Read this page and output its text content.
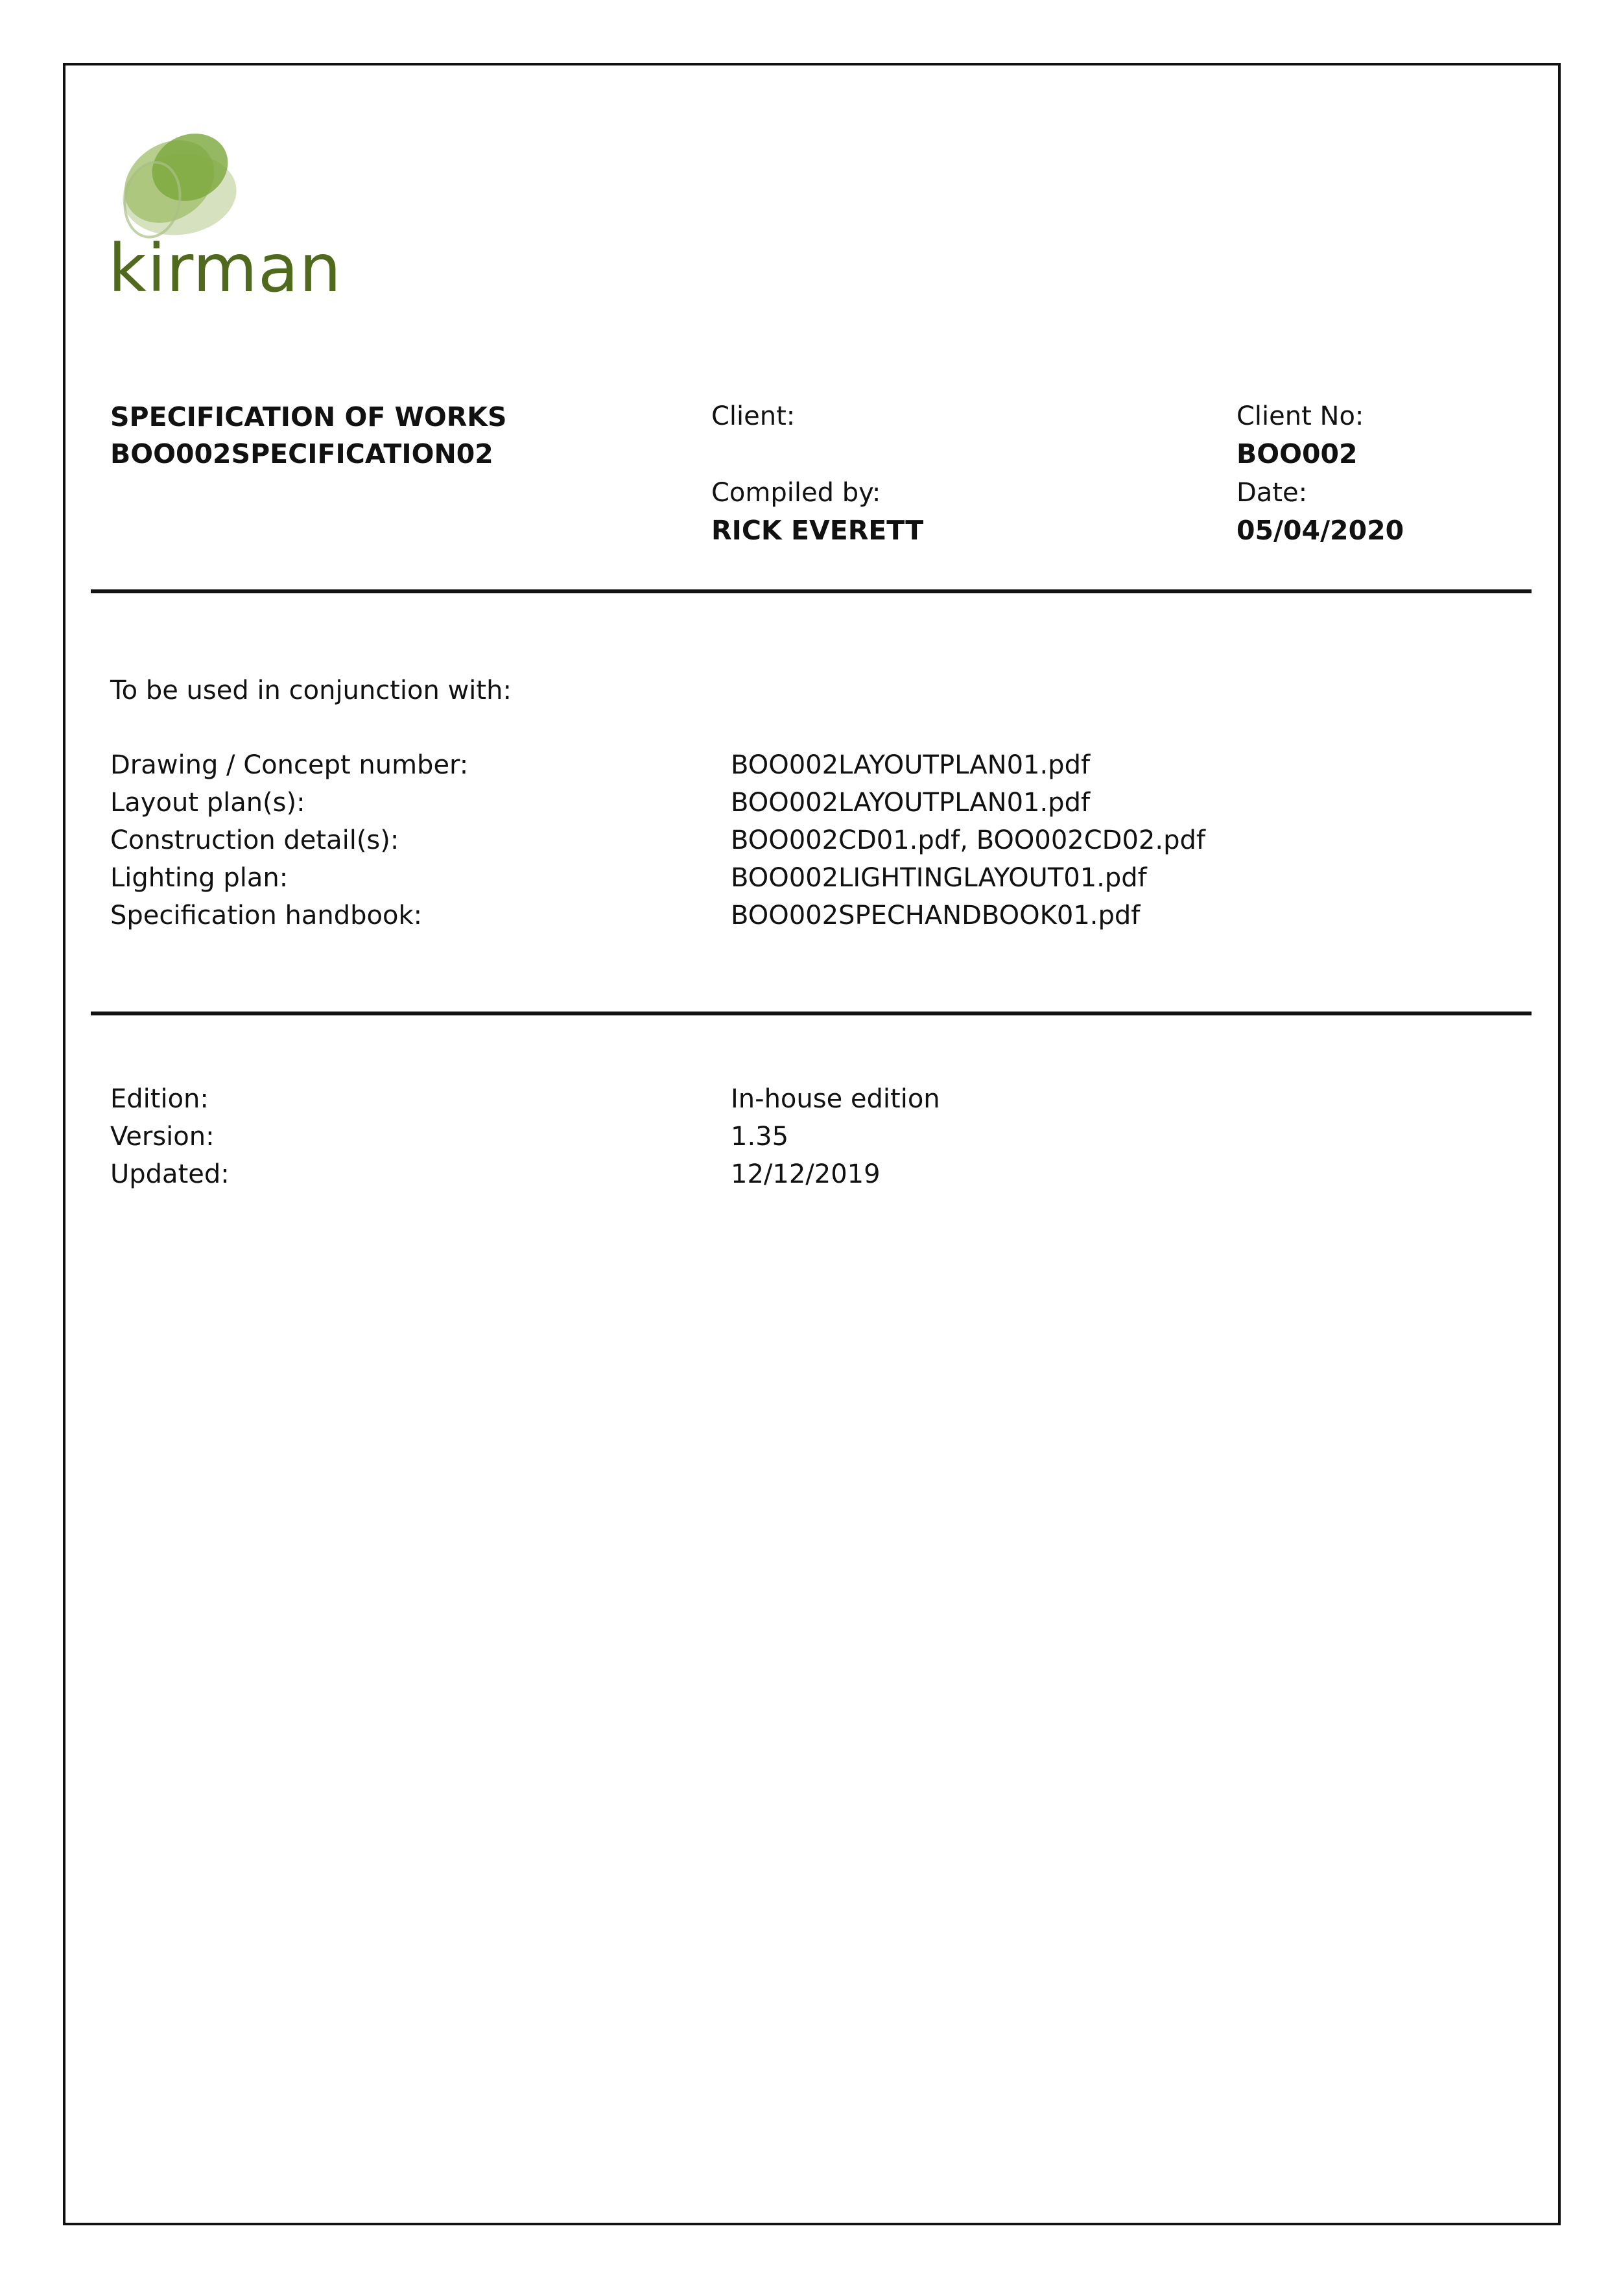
kirman
SPECIFICATION OF WORKS
BOO002SPECIFICATION02
Client:
Compiled by:
RICK EVERETT
Client No:
BOO002
Date:
05/04/2020
To be used in conjunction with:
Drawing / Concept number:	BOO002LAYOUTPLAN01.pdf
Layout plan(s):	BOO002LAYOUTPLAN01.pdf
Construction detail(s):	BOO002CD01.pdf, BOO002CD02.pdf
Lighting plan:	BOO002LIGHTINGLAYOUT01.pdf
Specification handbook:	BOO002SPECHANDBOOK01.pdf
Edition:	In-house edition
Version:	1.35
Updated:	12/12/2019
